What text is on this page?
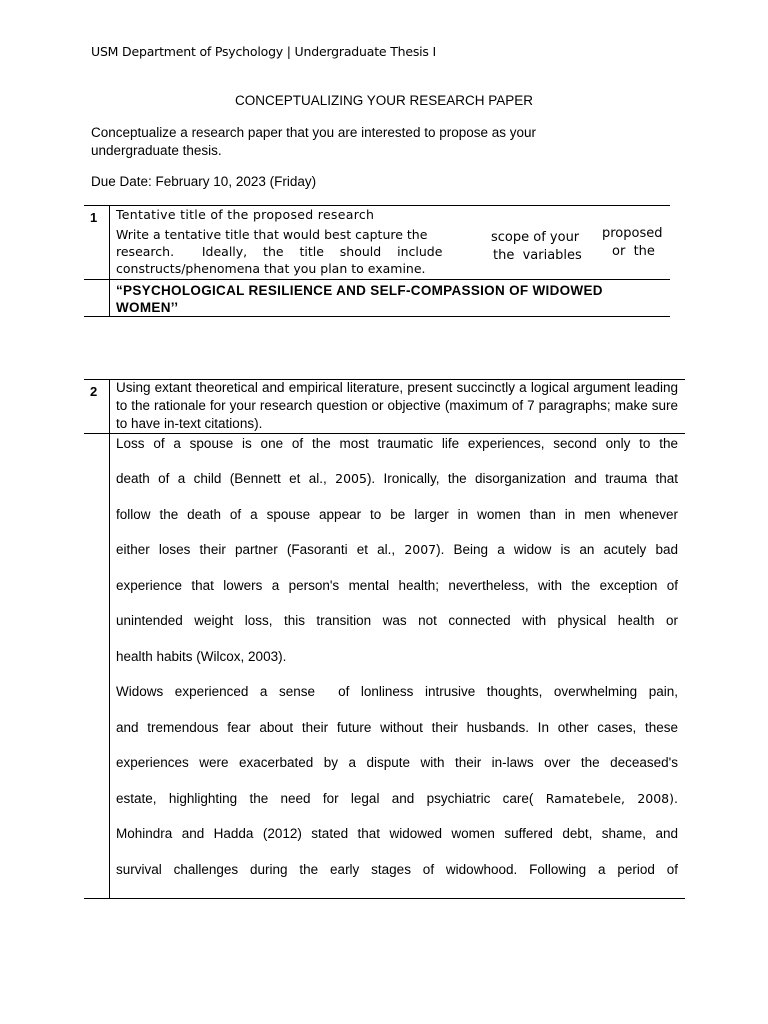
USM Department of Psychology | Undergraduate Thesis I
CONCEPTUALIZING YOUR RESEARCH PAPER
Conceptualize a research paper that you are interested to propose as your undergraduate thesis.
Due Date: February 10, 2023 (Friday)
1 Tentative title of the proposed research
Write a tentative title that would best capture the
research.       Ideally,    the    title    should    include
constructs/phenomena that you plan to examine.
scope of your
the  variables
proposed
or  the
“PSYCHOLOGICAL RESILIENCE AND SELF-COMPASSION OF WIDOWED WOMEN’’
2 Using extant theoretical and empirical literature, present succinctly a logical argument leading to the rationale for your research question or objective (maximum of 7 paragraphs; make sure to have in-text citations).
Loss of a spouse is one of the most traumatic life experiences, second only to the
death of a child (Bennett et al., 2005). Ironically, the disorganization and trauma that
follow the death of a spouse appear to be larger in women than in men whenever
either loses their partner (Fasoranti et al., 2007). Being a widow is an acutely bad
experience that lowers a person's mental health; nevertheless, with the exception of
unintended weight loss, this transition was not connected with physical health or
health habits (Wilcox, 2003).
Widows experienced a sense  of lonliness intrusive thoughts, overwhelming pain,
and tremendous fear about their future without their husbands. In other cases, these
experiences were exacerbated by a dispute with their in-laws over the deceased's
estate, highlighting the need for legal and psychiatric care( Ramatebele, 2008).
Mohindra and Hadda (2012) stated that widowed women suffered debt, shame, and
survival challenges during the early stages of widowhood. Following a period of
